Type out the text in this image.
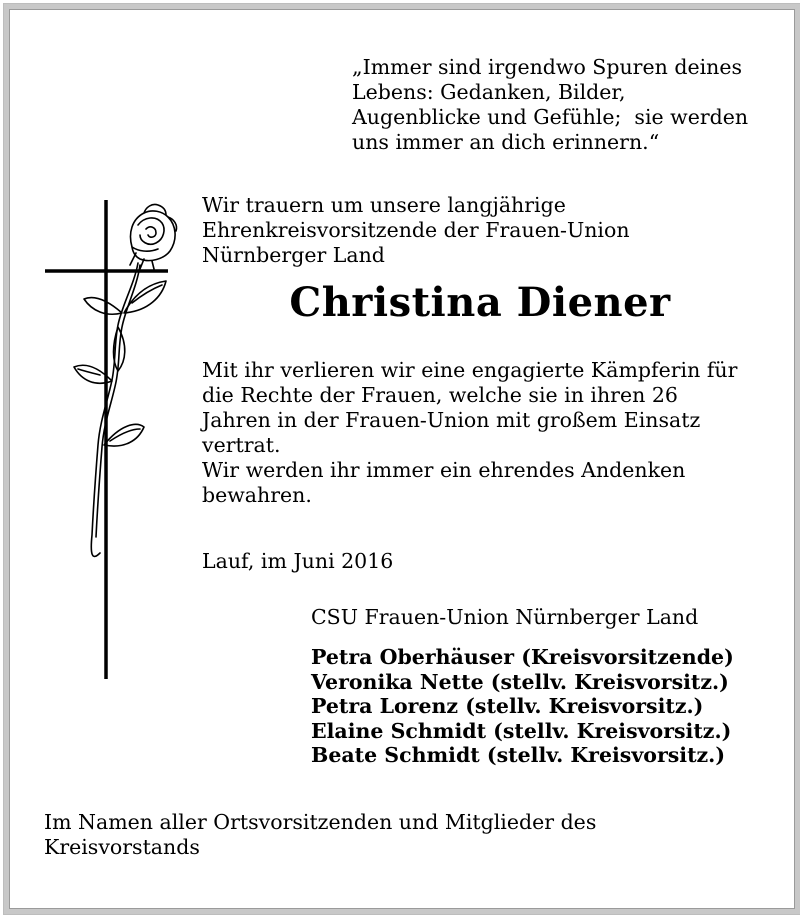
„Immer sind irgendwo Spuren deines
Lebens: Gedanken, Bilder,
Augenblicke und Gefühle;  sie werden
uns immer an dich erinnern.“
Wir trauern um unsere langjährige
Ehrenkreisvorsitzende der Frauen-Union
Nürnberger Land
Christina Diener
Mit ihr verlieren wir eine engagierte Kämpferin für
die Rechte der Frauen, welche sie in ihren 26
Jahren in der Frauen-Union mit großem Einsatz
vertrat.
Wir werden ihr immer ein ehrendes Andenken
bewahren.
Lauf, im Juni 2016
CSU Frauen-Union Nürnberger Land
Petra Oberhäuser (Kreisvorsitzende)
Veronika Nette (stellv. Kreisvorsitz.)
Petra Lorenz (stellv. Kreisvorsitz.)
Elaine Schmidt (stellv. Kreisvorsitz.)
Beate Schmidt (stellv. Kreisvorsitz.)
Im Namen aller Ortsvorsitzenden und Mitglieder des
Kreisvorstands
